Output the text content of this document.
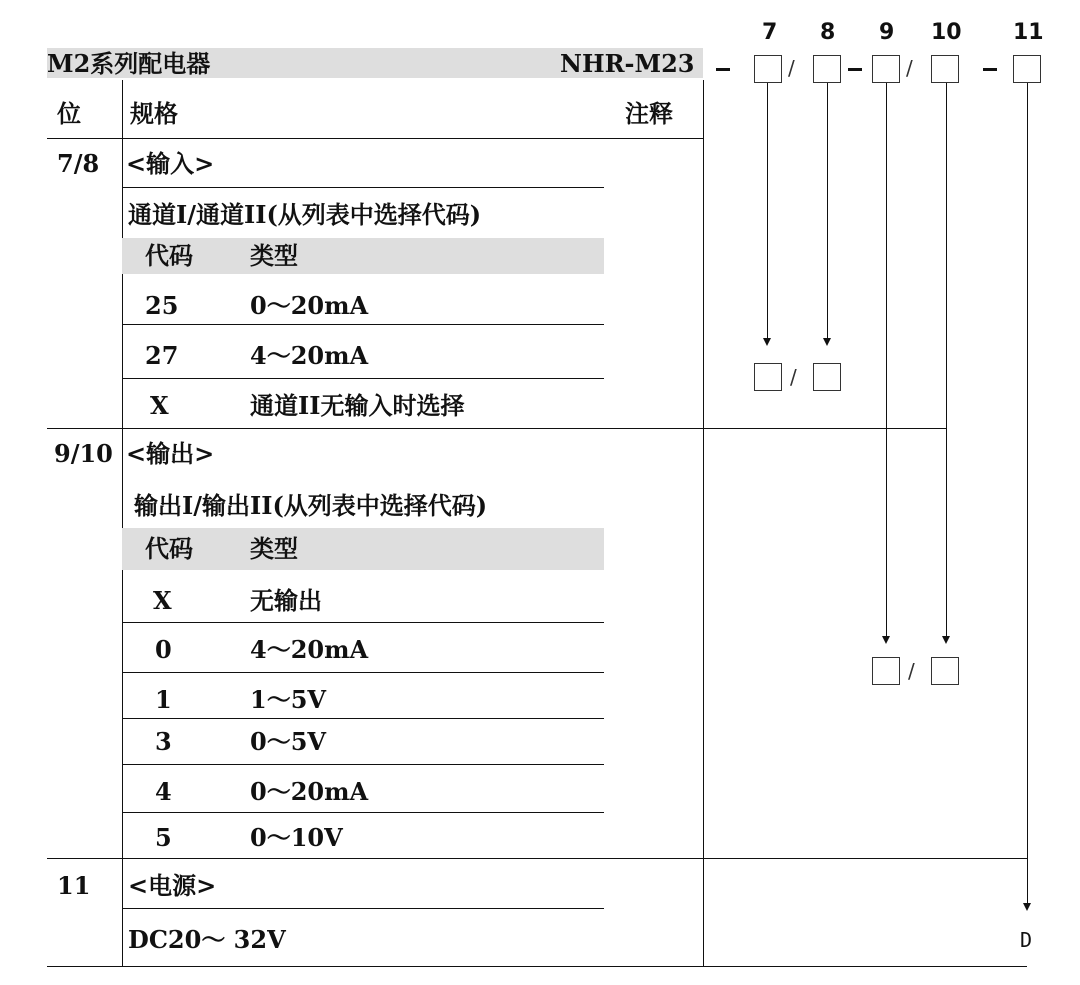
M2系列配电器	NHR-M23
位 规格	注释
7/8 <输入>
通道I/通道II(从列表中选择代码)
代码 类型
25	0～20mA
27	4～20mA
X	通道II无输入时选择
9/10 <输出>
输出I/输出II(从列表中选择代码)
代码 类型
X	无输出
0	4～20mA
1	1～5V
3	0～5V
4	0～20mA
5	0～10V
11 <电源>
DC20～ 32V
7 8 9 10 11
/	/
/
/
D
